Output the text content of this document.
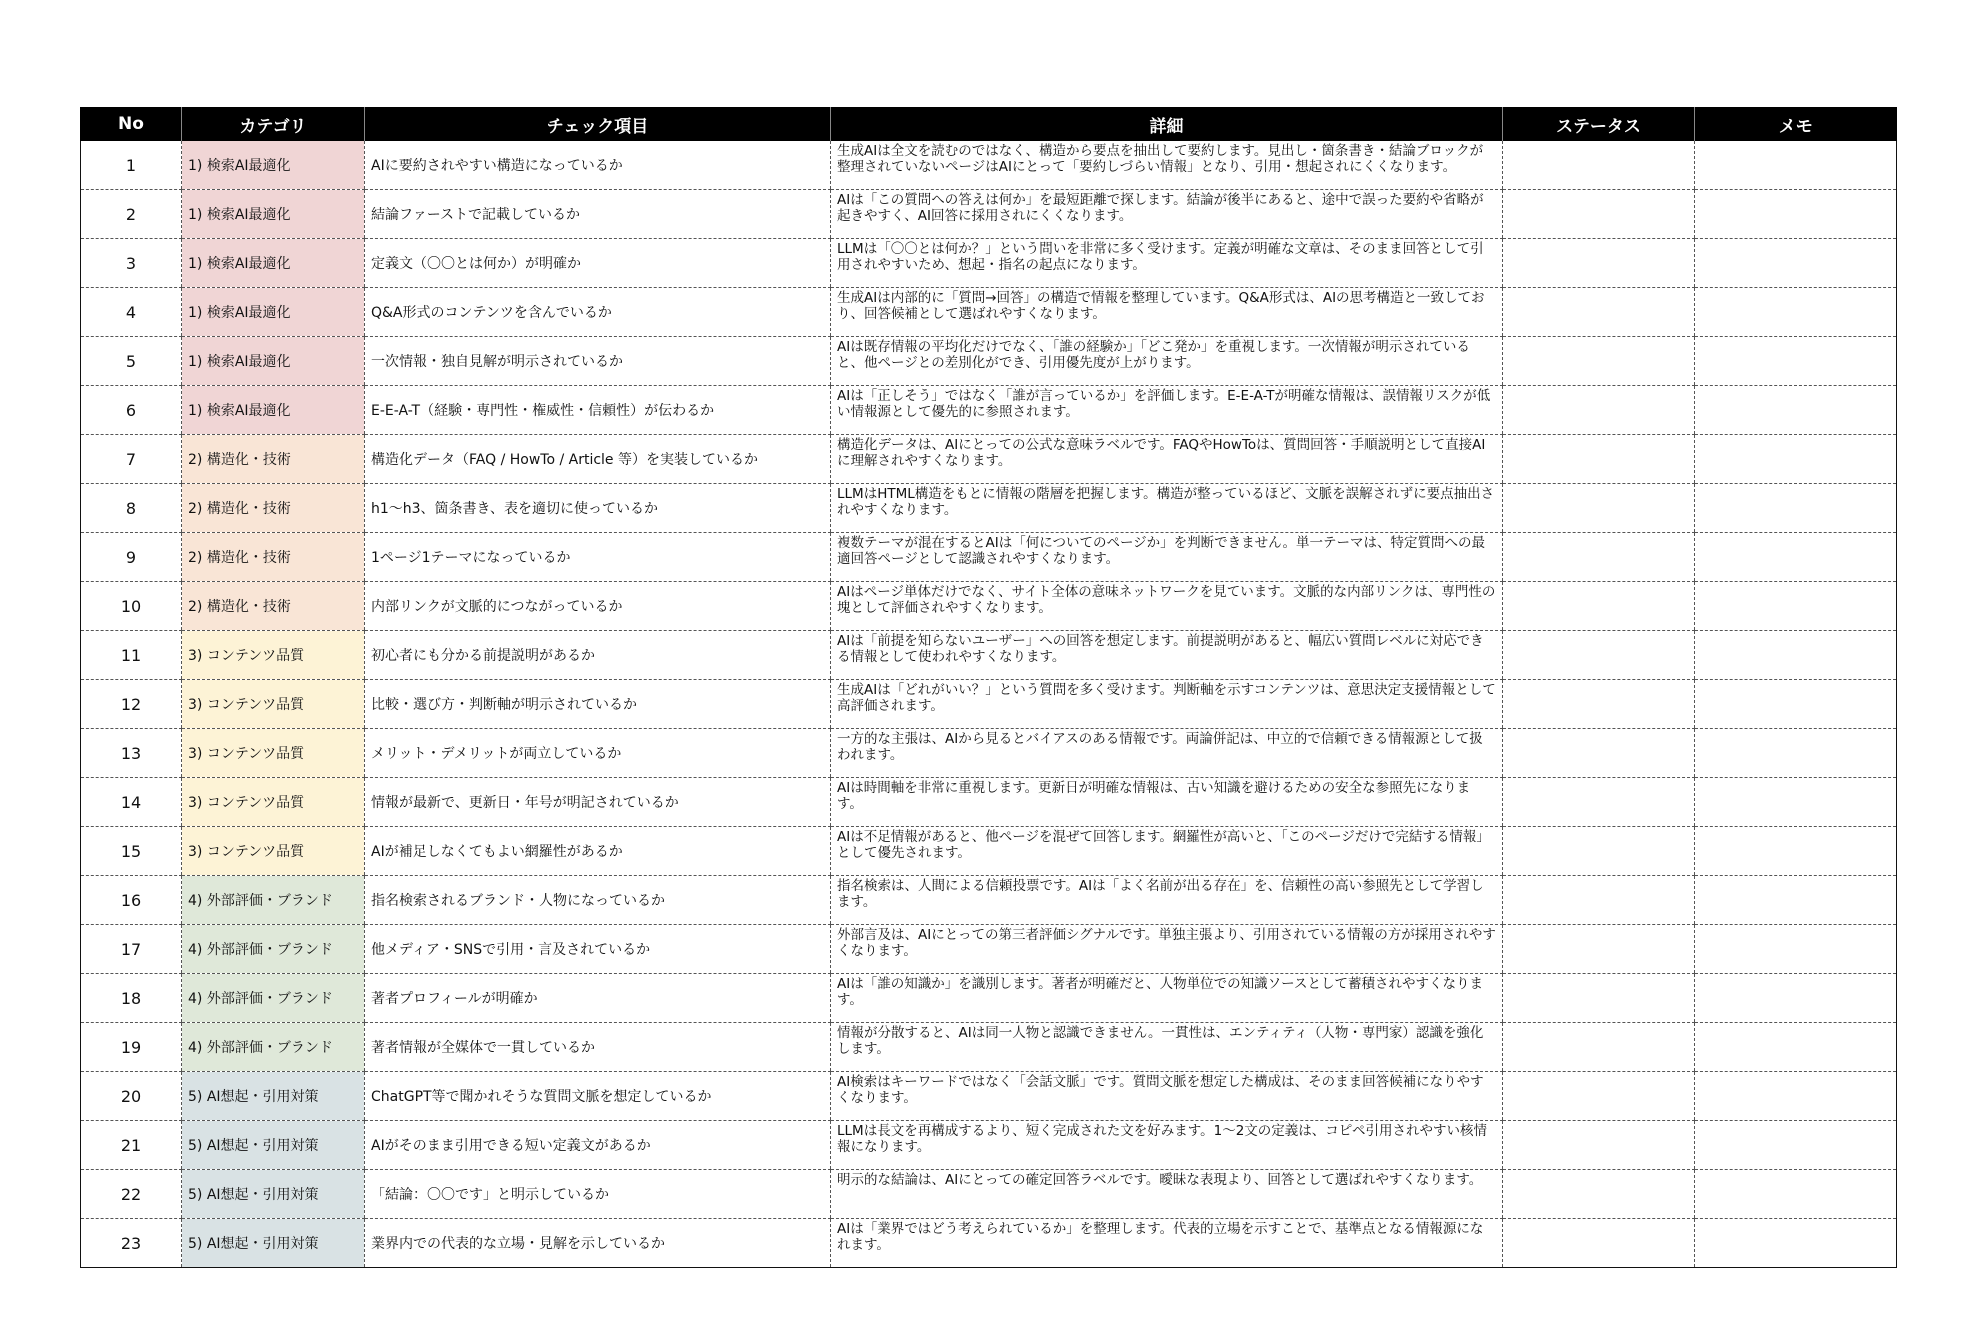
No	カテゴリ	チェック項目	詳細	ステータス	メモ
1	1) 検索AI最適化	AIに要約されやすい構造になっているか	生成AIは全文を読むのではなく、構造から要点を抽出して要約します。見出し・箇条書き・結論ブロックが整理されていないページはAIにとって「要約しづらい情報」となり、引用・想起されにくくなります。		

2	1) 検索AI最適化	結論ファーストで記載しているか	AIは「この質問への答えは何か」を最短距離で探します。結論が後半にあると、途中で誤った要約や省略が起きやすく、AI回答に採用されにくくなります。		

3	1) 検索AI最適化	定義文（〇〇とは何か）が明確か	LLMは「〇〇とは何か？」という問いを非常に多く受けます。定義が明確な文章は、そのまま回答として引用されやすいため、想起・指名の起点になります。		

4	1) 検索AI最適化	Q&A形式のコンテンツを含んでいるか	生成AIは内部的に「質問→回答」の構造で情報を整理しています。Q&A形式は、AIの思考構造と一致しており、回答候補として選ばれやすくなります。		

5	1) 検索AI最適化	一次情報・独自見解が明示されているか	AIは既存情報の平均化だけでなく、「誰の経験か」「どこ発か」を重視します。一次情報が明示されていると、他ページとの差別化ができ、引用優先度が上がります。		

6	1) 検索AI最適化	E-E-A-T（経験・専門性・権威性・信頼性）が伝わるか	AIは「正しそう」ではなく「誰が言っているか」を評価します。E-E-A-Tが明確な情報は、誤情報リスクが低い情報源として優先的に参照されます。		

7	2) 構造化・技術	構造化データ（FAQ / HowTo / Article 等）を実装しているか	構造化データは、AIにとっての公式な意味ラベルです。FAQやHowToは、質問回答・手順説明として直接AIに理解されやすくなります。		

8	2) 構造化・技術	h1〜h3、箇条書き、表を適切に使っているか	LLMはHTML構造をもとに情報の階層を把握します。構造が整っているほど、文脈を誤解されずに要点抽出されやすくなります。		

9	2) 構造化・技術	1ページ1テーマになっているか	複数テーマが混在するとAIは「何についてのページか」を判断できません。単一テーマは、特定質問への最適回答ページとして認識されやすくなります。		

10	2) 構造化・技術	内部リンクが文脈的につながっているか	AIはページ単体だけでなく、サイト全体の意味ネットワークを見ています。文脈的な内部リンクは、専門性の塊として評価されやすくなります。		

11	3) コンテンツ品質	初心者にも分かる前提説明があるか	AIは「前提を知らないユーザー」への回答を想定します。前提説明があると、幅広い質問レベルに対応できる情報として使われやすくなります。		

12	3) コンテンツ品質	比較・選び方・判断軸が明示されているか	生成AIは「どれがいい？」という質問を多く受けます。判断軸を示すコンテンツは、意思決定支援情報として高評価されます。		

13	3) コンテンツ品質	メリット・デメリットが両立しているか	一方的な主張は、AIから見るとバイアスのある情報です。両論併記は、中立的で信頼できる情報源として扱われます。		

14	3) コンテンツ品質	情報が最新で、更新日・年号が明記されているか	AIは時間軸を非常に重視します。更新日が明確な情報は、古い知識を避けるための安全な参照先になります。		

15	3) コンテンツ品質	AIが補足しなくてもよい網羅性があるか	AIは不足情報があると、他ページを混ぜて回答します。網羅性が高いと、「このページだけで完結する情報」として優先されます。		

16	4) 外部評価・ブランド	指名検索されるブランド・人物になっているか	指名検索は、人間による信頼投票です。AIは「よく名前が出る存在」を、信頼性の高い参照先として学習します。		

17	4) 外部評価・ブランド	他メディア・SNSで引用・言及されているか	外部言及は、AIにとっての第三者評価シグナルです。単独主張より、引用されている情報の方が採用されやすくなります。		

18	4) 外部評価・ブランド	著者プロフィールが明確か	AIは「誰の知識か」を識別します。著者が明確だと、人物単位での知識ソースとして蓄積されやすくなります。		

19	4) 外部評価・ブランド	著者情報が全媒体で一貫しているか	情報が分散すると、AIは同一人物と認識できません。一貫性は、エンティティ（人物・専門家）認識を強化します。		

20	5) AI想起・引用対策	ChatGPT等で聞かれそうな質問文脈を想定しているか	AI検索はキーワードではなく「会話文脈」です。質問文脈を想定した構成は、そのまま回答候補になりやすくなります。		

21	5) AI想起・引用対策	AIがそのまま引用できる短い定義文があるか	LLMは長文を再構成するより、短く完成された文を好みます。1〜2文の定義は、コピペ引用されやすい核情報になります。		

22	5) AI想起・引用対策	「結論：〇〇です」と明示しているか	明示的な結論は、AIにとっての確定回答ラベルです。曖昧な表現より、回答として選ばれやすくなります。		

23	5) AI想起・引用対策	業界内での代表的な立場・見解を示しているか	AIは「業界ではどう考えられているか」を整理します。代表的立場を示すことで、基準点となる情報源になれます。		
